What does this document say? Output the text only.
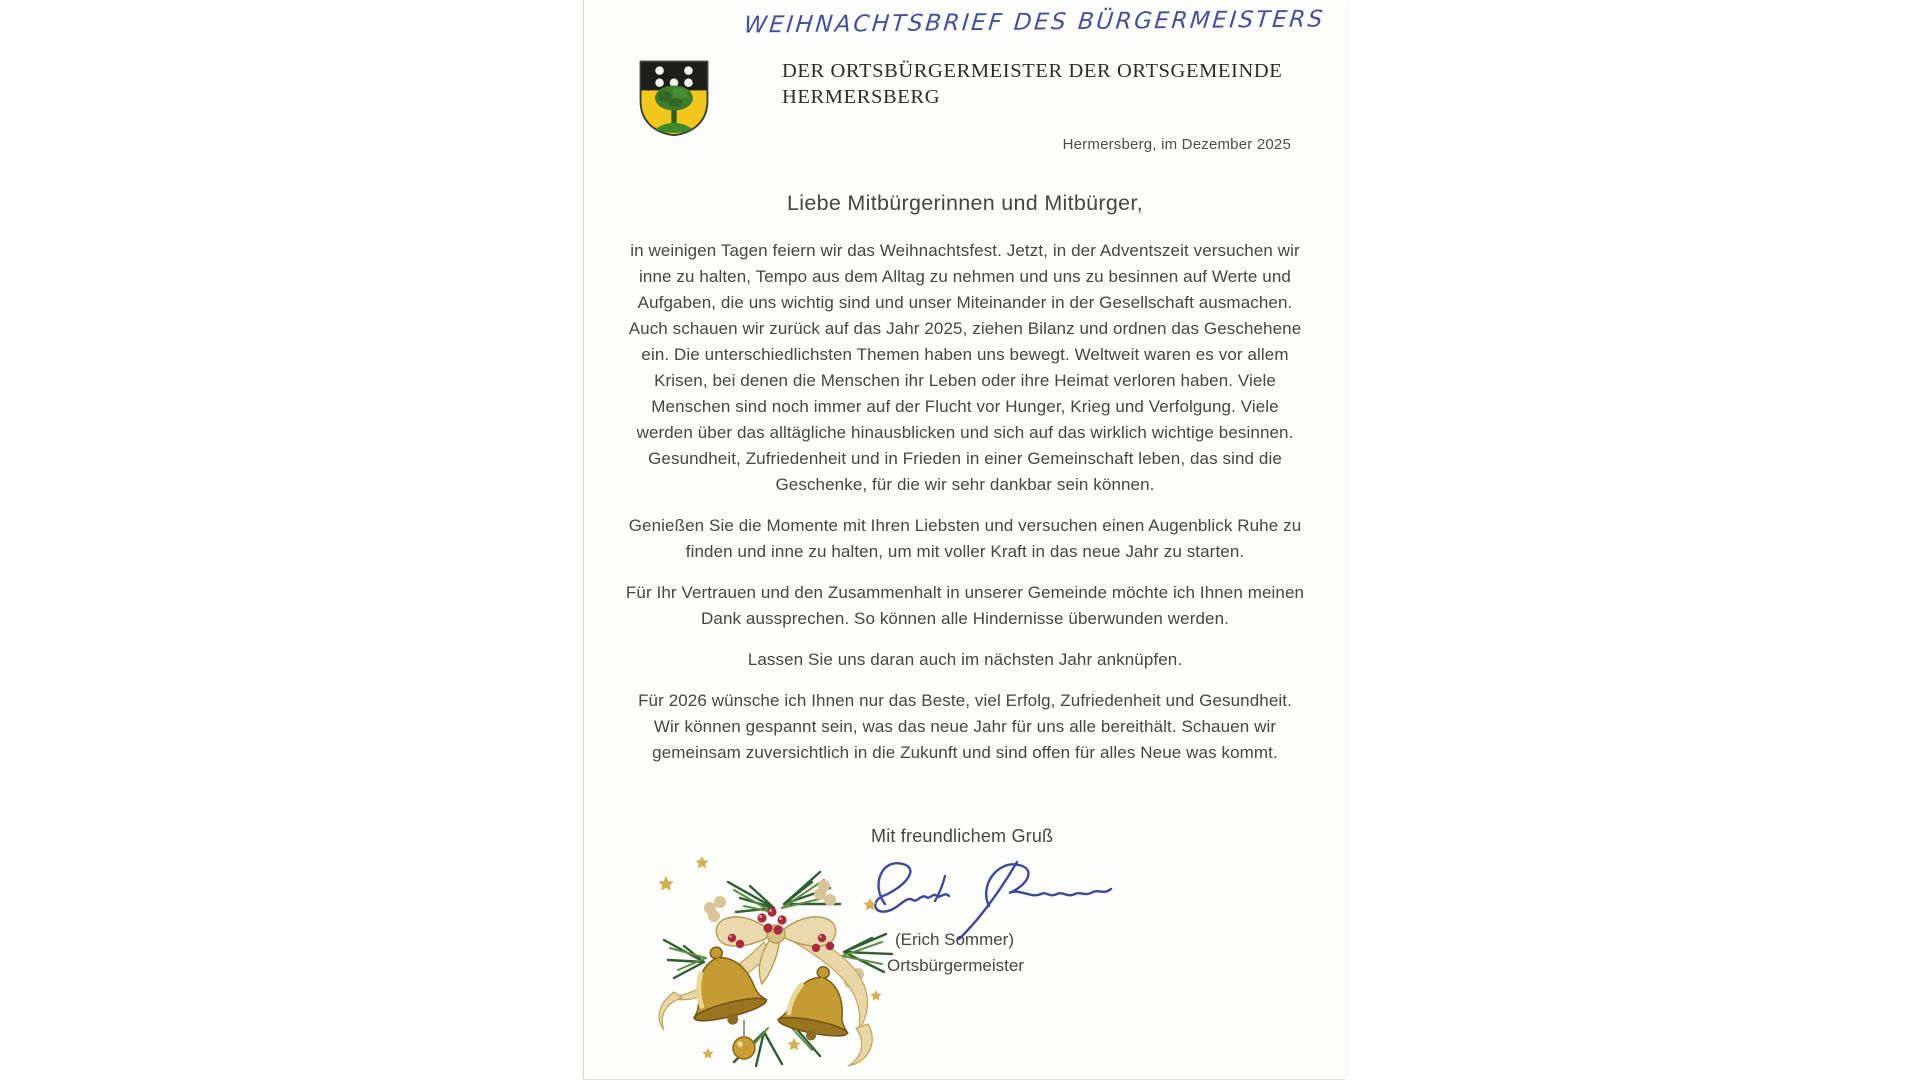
WEIHNACHTSBRIEF DES BÜRGERMEISTERS
DER ORTSBÜRGERMEISTER DER ORTSGEMEINDE
HERMERSBERG
Hermersberg, im Dezember 2025
Liebe Mitbürgerinnen und Mitbürger,

in weinigen Tagen feiern wir das Weihnachtsfest. Jetzt, in der Adventszeit versuchen wir inne zu halten, Tempo aus dem Alltag zu nehmen und uns zu besinnen auf Werte und Aufgaben, die uns wichtig sind und unser Miteinander in der Gesellschaft ausmachen. Auch schauen wir zurück auf das Jahr 2025, ziehen Bilanz und ordnen das Geschehene ein. Die unterschiedlichsten Themen haben uns bewegt. Weltweit waren es vor allem Krisen, bei denen die Menschen ihr Leben oder ihre Heimat verloren haben. Viele Menschen sind noch immer auf der Flucht vor Hunger, Krieg und Verfolgung. Viele werden über das alltägliche hinausblicken und sich auf das wirklich wichtige besinnen. Gesundheit, Zufriedenheit und in Frieden in einer Gemeinschaft leben, das sind die Geschenke, für die wir sehr dankbar sein können.

Genießen Sie die Momente mit Ihren Liebsten und versuchen einen Augenblick Ruhe zu finden und inne zu halten, um mit voller Kraft in das neue Jahr zu starten.

Für Ihr Vertrauen und den Zusammenhalt in unserer Gemeinde möchte ich Ihnen meinen Dank aussprechen. So können alle Hindernisse überwunden werden.

Lassen Sie uns daran auch im nächsten Jahr anknüpfen.

Für 2026 wünsche ich Ihnen nur das Beste, viel Erfolg, Zufriedenheit und Gesundheit. Wir können gespannt sein, was das neue Jahr für uns alle bereithält. Schauen wir gemeinsam zuversichtlich in die Zukunft und sind offen für alles Neue was kommt.

Mit freundlichem Gruß
(Erich Sommer)
Ortsbürgermeister
